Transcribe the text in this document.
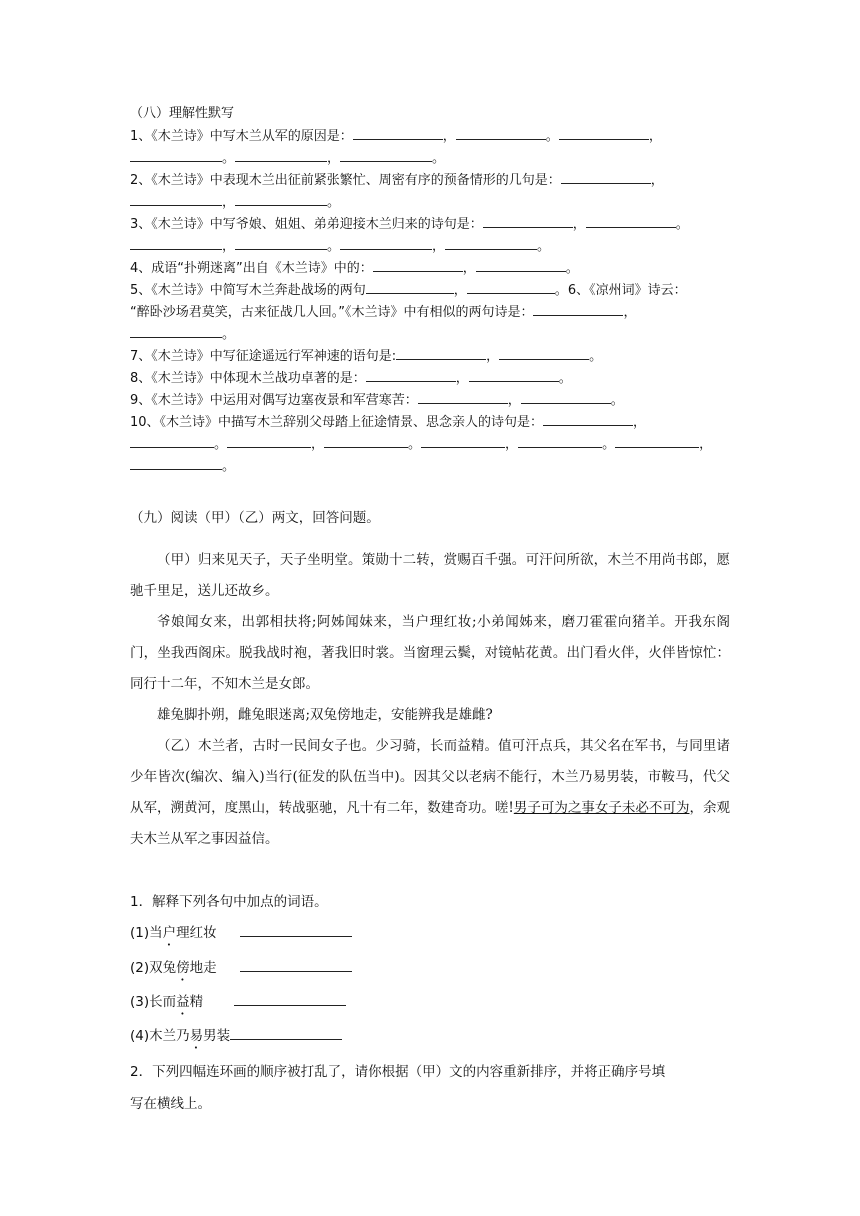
（八）理解性默写
1、《木兰诗》中写木兰从军的原因是：	，	。	，
。	，	。
2、《木兰诗》中表现木兰出征前紧张繁忙、周密有序的预备情形的几句是：	，
，	。
3、《木兰诗》中写爷娘、姐姐、弟弟迎接木兰归来的诗句是：	，	。
，	。	，	。
4、成语“扑朔迷离”出自《木兰诗》中的：	，	。
5、《木兰诗》中简写木兰奔赴战场的两句	，	。6、《凉州词》诗云：
“醉卧沙场君莫笑，古来征战几人回。”《木兰诗》中有相似的两句诗是：	，
。
7、《木兰诗》中写征途遥远行军神速的语句是:	，	。
8、《木兰诗》中体现木兰战功卓著的是：	，	。
9、《木兰诗》中运用对偶写边塞夜景和军营寒苦：	，	。
10、《木兰诗》中描写木兰辞别父母踏上征途情景、思念亲人的诗句是：	，
。	，	。	，	。	，
。
（九）阅读（甲）（乙）两文，回答问题。

（甲）归来见天子，天子坐明堂。策勋十二转，赏赐百千强。可汗问所欲，木兰不用尚书郎，愿驰千里足，送儿还故乡。

爷娘闻女来，出郭相扶将;阿姊闻妹来，当户理红妆;小弟闻姊来，磨刀霍霍向猪羊。开我东阁门，坐我西阁床。脱我战时袍，著我旧时裳。当窗理云鬓，对镜帖花黄。出门看火伴，火伴皆惊忙：同行十二年，不知木兰是女郎。

雄兔脚扑朔，雌兔眼迷离;双兔傍地走，安能辨我是雄雌?

（乙）木兰者，古时一民间女子也。少习骑，长而益精。值可汗点兵，其父名在军书，与同里诸少年皆次(编次、编入)当行(征发的队伍当中)。因其父以老病不能行，木兰乃易男装，市鞍马，代父从军，溯黄河，度黑山，转战驱驰，凡十有二年，数建奇功。嗟!男子可为之事女子未必不可为，余观夫木兰从军之事因益信。

1．解释下列各句中加点的词语。
(1)当户理红妆
(2)双兔傍地走
(3)长而益精
(4)木兰乃易男装
2．下列四幅连环画的顺序被打乱了，请你根据（甲）文的内容重新排序，并将正确序号填
写在横线上。
